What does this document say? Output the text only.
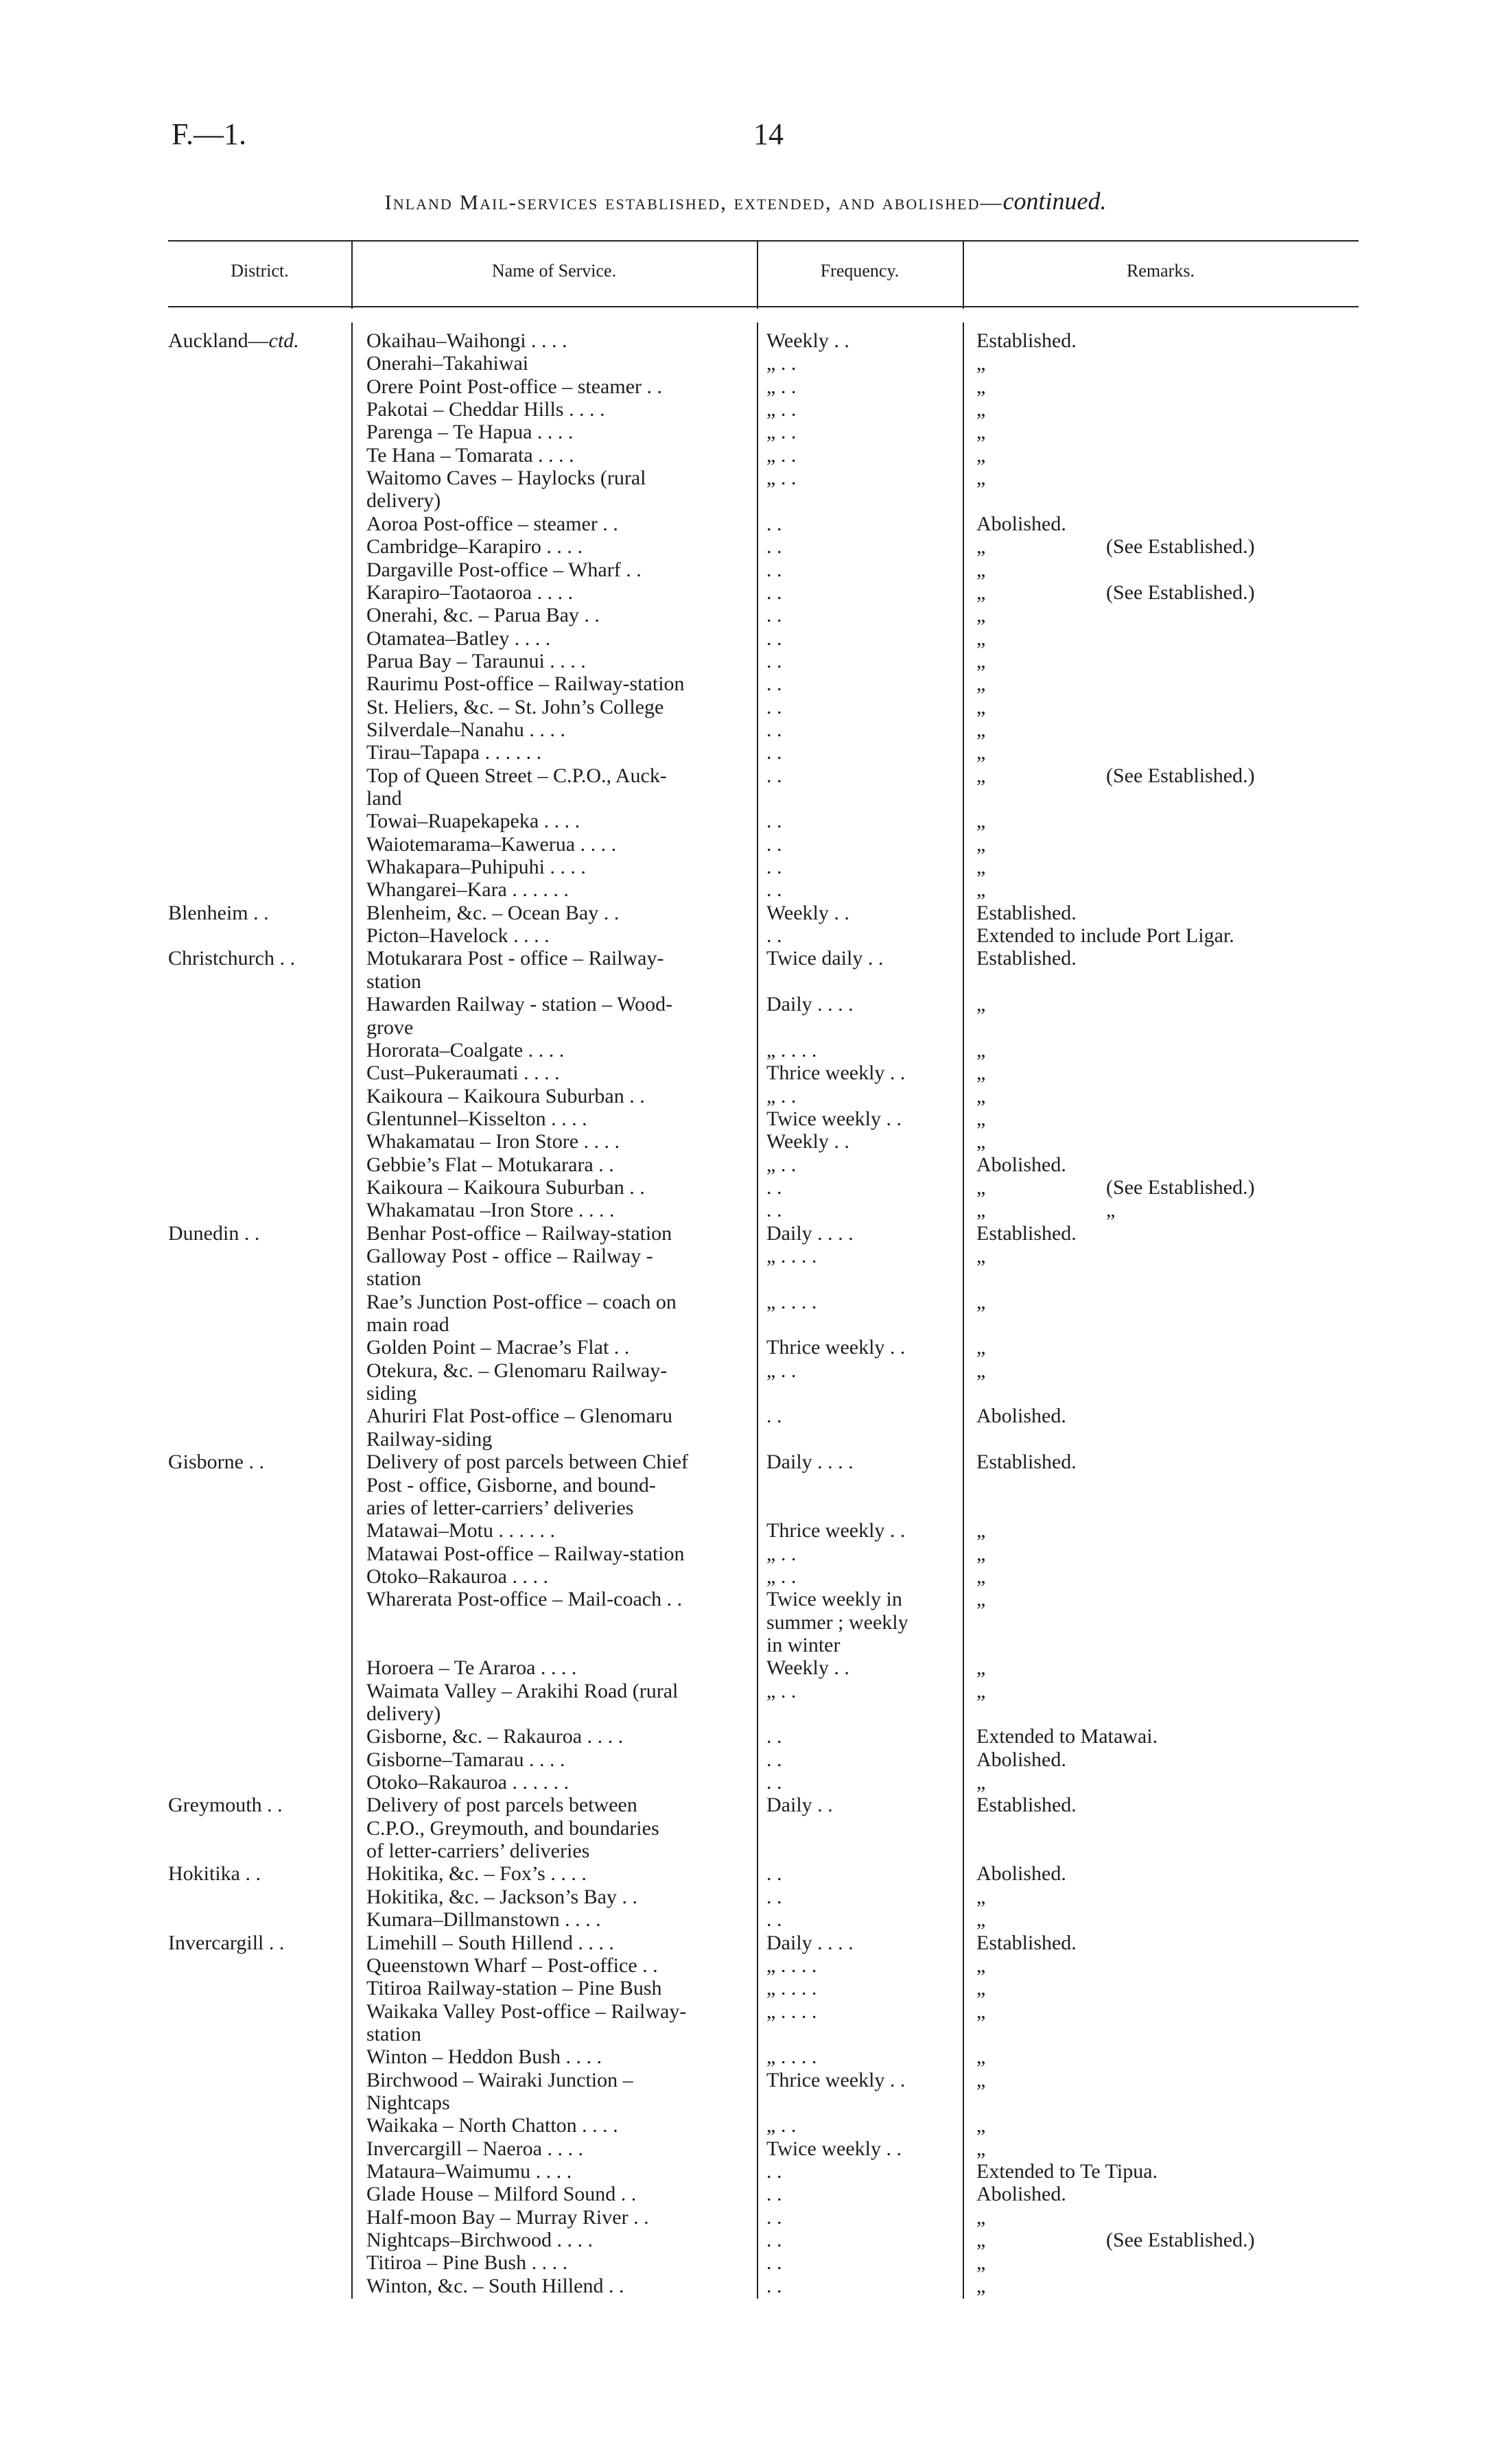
F.—1.	14
Inland Mail-services established, extended, and abolished—continued.
District.	Name of Service.	Frequency.	Remarks.
Auckland—ctd.	Okaihau–Waihongi . . . .	Weekly . .	Established.
Onerahi–Takahiwai	„ . .	„
Orere Point Post-office – steamer . .	„ . .	„
Pakotai – Cheddar Hills . . . .	„ . .	„
Parenga – Te Hapua . . . .	„ . .	„
Te Hana – Tomarata . . . .	„ . .	„
Waitomo Caves – Haylocks (rural	„ . .	„
delivery)
Aoroa Post-office – steamer . .	. .	Abolished.
Cambridge–Karapiro . . . .	. .	„	(See Established.)
Dargaville Post-office – Wharf . .	. .	„
Karapiro–Taotaoroa . . . .	. .	„	(See Established.)
Onerahi, &c. – Parua Bay . .	. .	„
Otamatea–Batley . . . .	. .	„
Parua Bay – Taraunui . . . .	. .	„
Raurimu Post-office – Railway-station	. .	„
St. Heliers, &c. – St. John’s College	. .	„
Silverdale–Nanahu . . . .	. .	„
Tirau–Tapapa . . . . . .	. .	„
Top of Queen Street – C.P.O., Auck-	. .	„	(See Established.)
land
Towai–Ruapekapeka . . . .	. .	„
Waiotemarama–Kawerua . . . .	. .	„
Whakapara–Puhipuhi . . . .	. .	„
Whangarei–Kara . . . . . .	. .	„
Blenheim . .	Blenheim, &c. – Ocean Bay . .	Weekly . .	Established.
Picton–Havelock . . . .	. .	Extended to include Port Ligar.
Christchurch . .	Motukarara Post - office – Railway-	Twice daily . .	Established.
station
Hawarden Railway - station – Wood-	Daily . . . .	„
grove
Hororata–Coalgate . . . .	„ . . . .	„
Cust–Pukeraumati . . . .	Thrice weekly . .	„
Kaikoura – Kaikoura Suburban . .	„ . .	„
Glentunnel–Kisselton . . . .	Twice weekly . .	„
Whakamatau – Iron Store . . . .	Weekly . .	„
Gebbie’s Flat – Motukarara . .	„ . .	Abolished.
Kaikoura – Kaikoura Suburban . .	. .	„	(See Established.)
Whakamatau –Iron Store . . . .	. .	„	„
Dunedin . .	Benhar Post-office – Railway-station	Daily . . . .	Established.
Galloway Post - office – Railway -	„ . . . .	„
station
Rae’s Junction Post-office – coach on	„ . . . .	„
main road
Golden Point – Macrae’s Flat . .	Thrice weekly . .	„
Otekura, &c. – Glenomaru Railway-	„ . .	„
siding
Ahuriri Flat Post-office – Glenomaru	. .	Abolished.
Railway-siding
Gisborne . .	Delivery of post parcels between Chief	Daily . . . .	Established.
Post - office, Gisborne, and bound-
aries of letter-carriers’ deliveries
Matawai–Motu . . . . . .	Thrice weekly . .	„
Matawai Post-office – Railway-station	„ . .	„
Otoko–Rakauroa . . . .	„ . .	„
Wharerata Post-office – Mail-coach . .	Twice weekly in	„
summer ; weekly
in winter
Horoera – Te Araroa . . . .	Weekly . .	„
Waimata Valley – Arakihi Road (rural	„ . .	„
delivery)
Gisborne, &c. – Rakauroa . . . .	. .	Extended to Matawai.
Gisborne–Tamarau . . . .	. .	Abolished.
Otoko–Rakauroa . . . . . .	. .	„
Greymouth . .	Delivery of post parcels between	Daily . .	Established.
C.P.O., Greymouth, and boundaries
of letter-carriers’ deliveries
Hokitika . .	Hokitika, &c. – Fox’s . . . .	. .	Abolished.
Hokitika, &c. – Jackson’s Bay . .	. .	„
Kumara–Dillmanstown . . . .	. .	„
Invercargill . .	Limehill – South Hillend . . . .	Daily . . . .	Established.
Queenstown Wharf – Post-office . .	„ . . . .	„
Titiroa Railway-station – Pine Bush	„ . . . .	„
Waikaka Valley Post-office – Railway-	„ . . . .	„
station
Winton – Heddon Bush . . . .	„ . . . .	„
Birchwood – Wairaki Junction –	Thrice weekly . .	„
Nightcaps
Waikaka – North Chatton . . . .	„ . .	„
Invercargill – Naeroa . . . .	Twice weekly . .	„
Mataura–Waimumu . . . .	. .	Extended to Te Tipua.
Glade House – Milford Sound . .	. .	Abolished.
Half-moon Bay – Murray River . .	. .	„
Nightcaps–Birchwood . . . .	. .	„	(See Established.)
Titiroa – Pine Bush . . . .	. .	„
Winton, &c. – South Hillend . .	. .	„
